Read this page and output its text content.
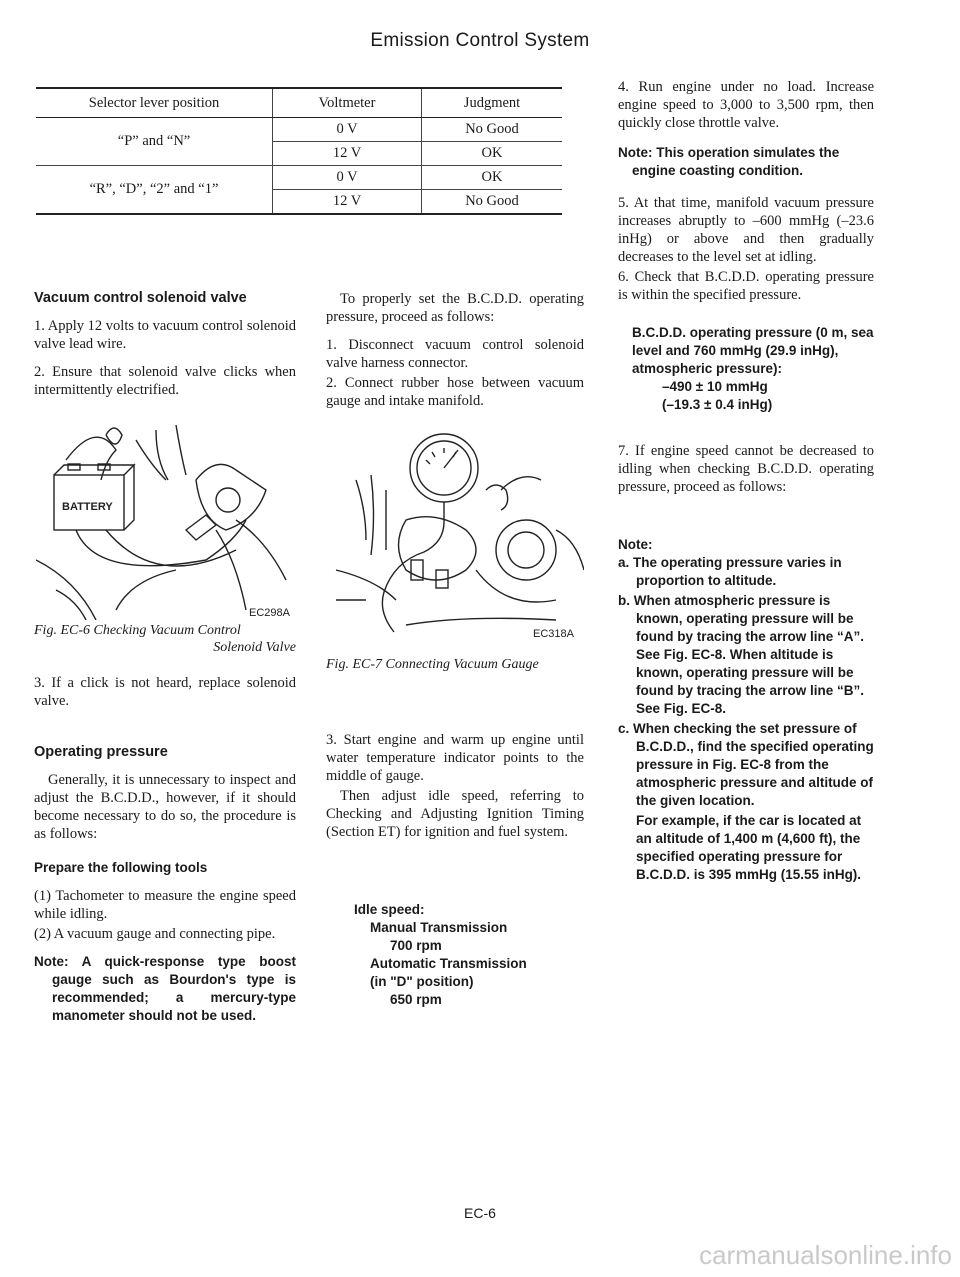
Emission Control System
Selector lever position	Voltmeter	Judgment
“P” and “N”	0 V	No Good
	12 V	OK
“R”, “D”, “2” and “1”	0 V	OK
	12 V	No Good
Vacuum control solenoid valve

1. Apply 12 volts to vacuum control solenoid valve lead wire.

2. Ensure that solenoid valve clicks when intermittently electrified.

BATTERY
EC298A
Fig. EC-6 Checking Vacuum Control
Solenoid Valve

3. If a click is not heard, replace solenoid valve.

Operating pressure

Generally, it is unnecessary to inspect and adjust the B.C.D.D., however, if it should become necessary to do so, the procedure is as follows:

Prepare the following tools

(1) Tachometer to measure the engine speed while idling.

(2) A vacuum gauge and connecting pipe.

Note: A quick-response type boost gauge such as Bourdon's type is recommended; a mercury-type manometer should not be used.

To properly set the B.C.D.D. operating pressure, proceed as follows:

1. Disconnect vacuum control solenoid valve harness connector.

2. Connect rubber hose between vacuum gauge and intake manifold.

EC318A
Fig. EC-7 Connecting Vacuum Gauge

3. Start engine and warm up engine until water temperature indicator points to the middle of gauge.

Then adjust idle speed, referring to Checking and Adjusting Ignition Timing (Section ET) for ignition and fuel system.

Idle speed:
Manual Transmission
700 rpm
Automatic Transmission
(in "D" position)
650 rpm

4. Run engine under no load. Increase engine speed to 3,000 to 3,500 rpm, then quickly close throttle valve.

Note: This operation simulates the engine coasting condition.

5. At that time, manifold vacuum pressure increases abruptly to –600 mmHg (–23.6 inHg) or above and then gradually decreases to the level set at idling.

6. Check that B.C.D.D. operating pressure is within the specified pressure.

B.C.D.D. operating pressure (0 m, sea level and 760 mmHg (29.9 inHg), atmospheric pressure):
–490 ± 10 mmHg
(–19.3 ± 0.4 inHg)

7. If engine speed cannot be decreased to idling when checking B.C.D.D. operating pressure, proceed as follows:

Note:
a. The operating pressure varies in proportion to altitude.
b. When atmospheric pressure is known, operating pressure will be found by tracing the arrow line “A”. See Fig. EC-8. When altitude is known, operating pressure will be found by tracing the arrow line “B”. See Fig. EC-8.
c. When checking the set pressure of B.C.D.D., find the specified operating pressure in Fig. EC-8 from the atmospheric pressure and altitude of the given location.
For example, if the car is located at an altitude of 1,400 m (4,600 ft), the specified operating pressure for B.C.D.D. is 395 mmHg (15.55 inHg).
EC-6
carmanualsonline.info
